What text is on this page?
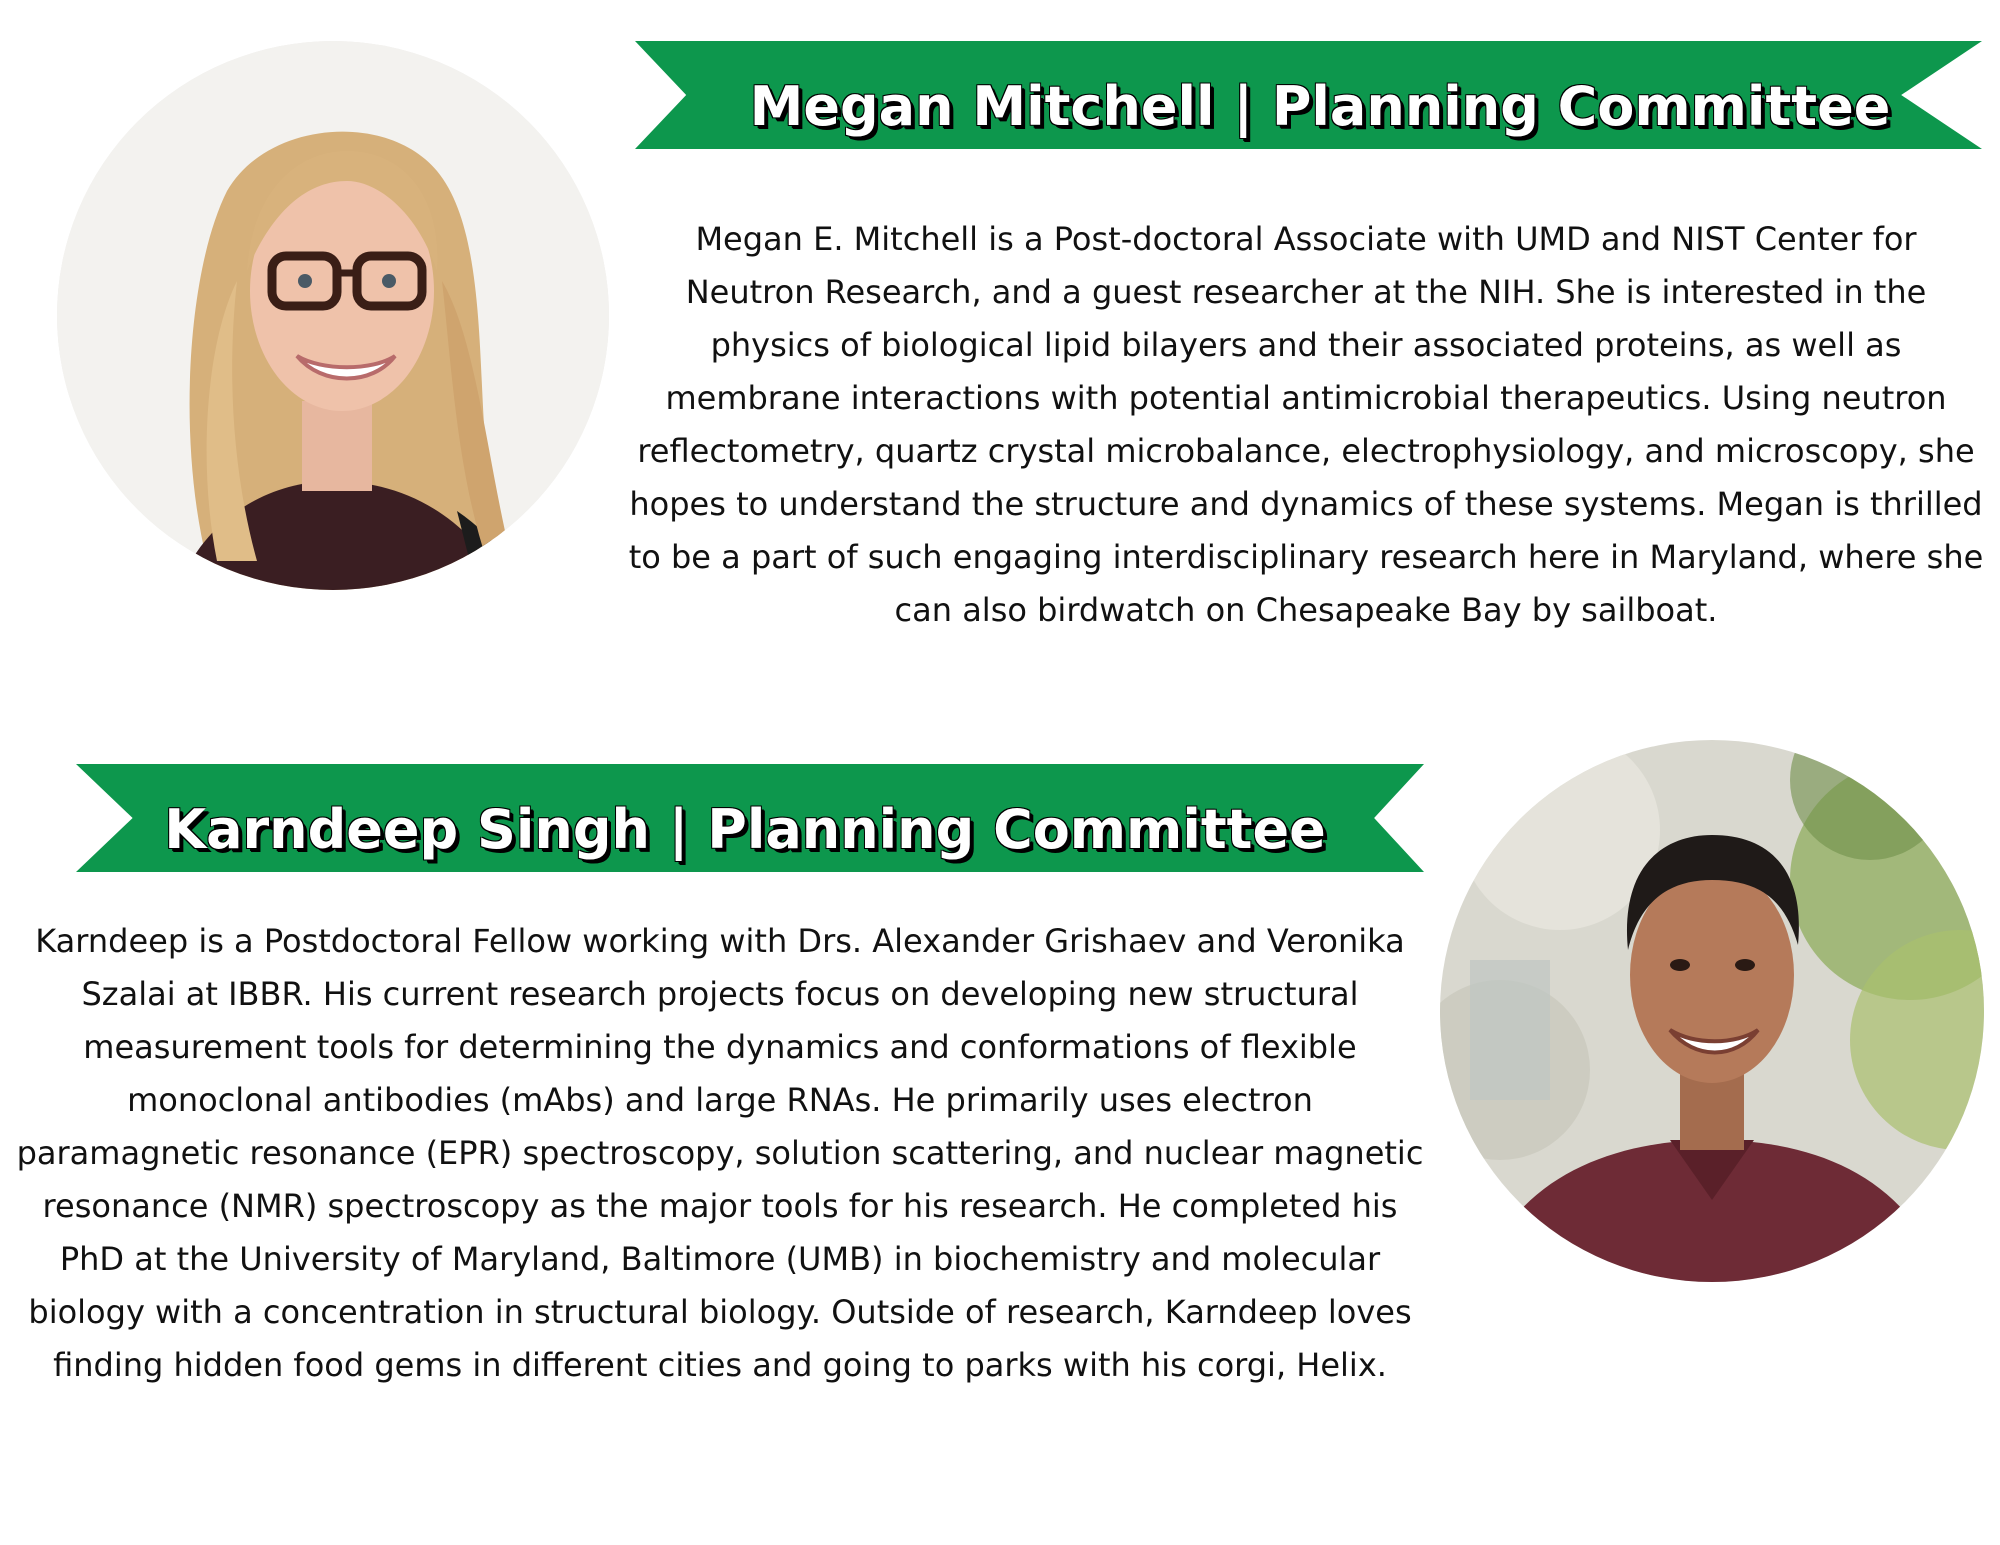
Megan Mitchell | Planning Committee

Megan E. Mitchell is a Post-doctoral Associate with UMD and NIST Center for Neutron Research, and a guest researcher at the NIH. She is interested in the physics of biological lipid bilayers and their associated proteins, as well as membrane interactions with potential antimicrobial therapeutics. Using neutron reflectometry, quartz crystal microbalance, electrophysiology, and microscopy, she hopes to understand the structure and dynamics of these systems. Megan is thrilled to be a part of such engaging interdisciplinary research here in Maryland, where she can also birdwatch on Chesapeake Bay by sailboat.

Karndeep Singh | Planning Committee

Karndeep is a Postdoctoral Fellow working with Drs. Alexander Grishaev and Veronika Szalai at IBBR. His current research projects focus on developing new structural measurement tools for determining the dynamics and conformations of flexible monoclonal antibodies (mAbs) and large RNAs. He primarily uses electron paramagnetic resonance (EPR) spectroscopy, solution scattering, and nuclear magnetic resonance (NMR) spectroscopy as the major tools for his research. He completed his PhD at the University of Maryland, Baltimore (UMB) in biochemistry and molecular biology with a concentration in structural biology. Outside of research, Karndeep loves finding hidden food gems in different cities and going to parks with his corgi, Helix.
